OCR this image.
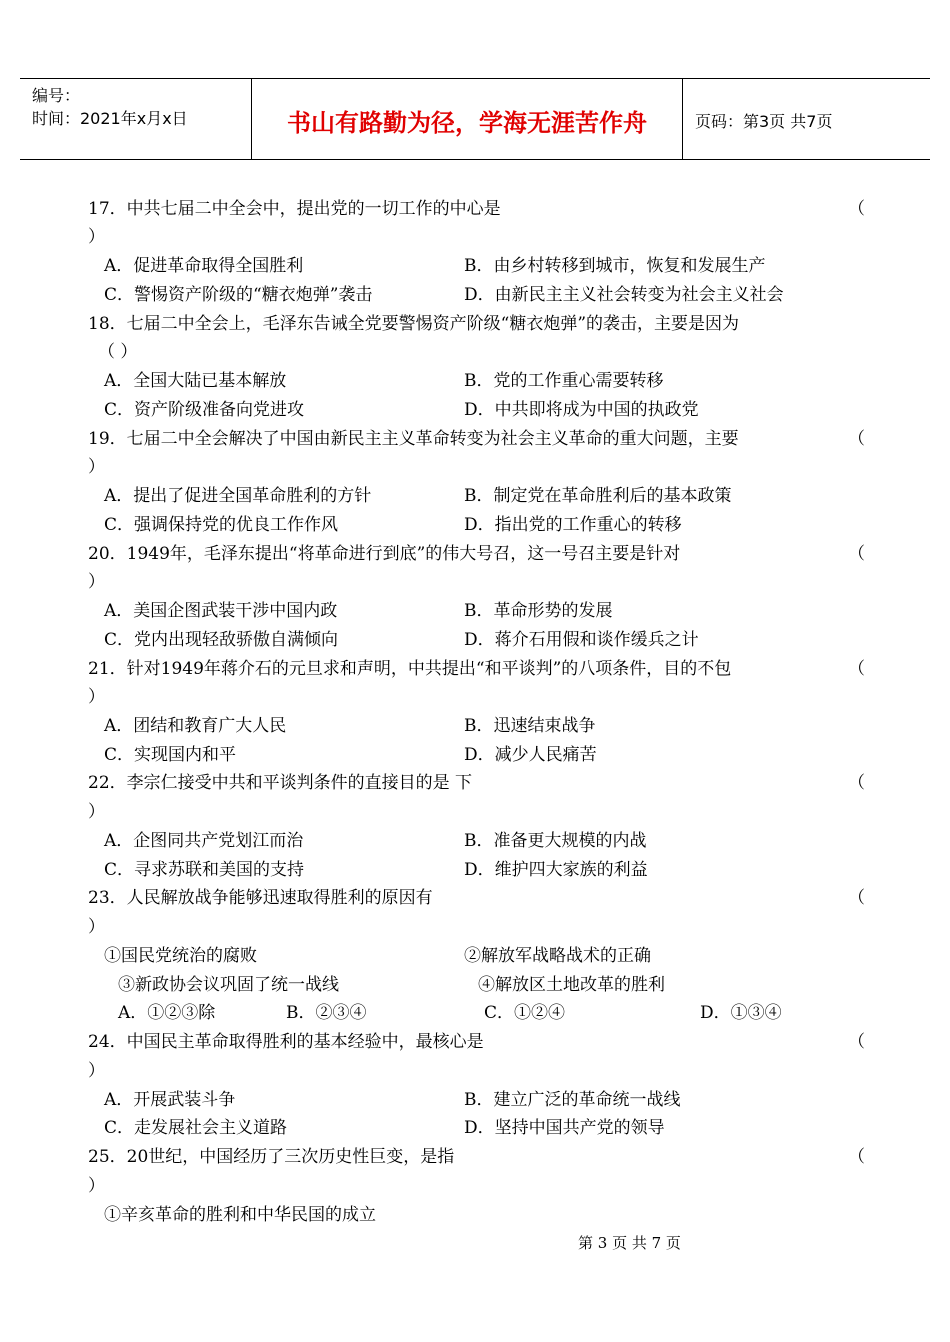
编号：
时间：2021年x月x日	书山有路勤为径，学海无涯苦作舟	页码：第3页 共7页
17．中共七届二中全会中，提出党的一切工作的中心是	（
）
A．促进革命取得全国胜利	B．由乡村转移到城市，恢复和发展生产
C．警惕资产阶级的“糖衣炮弹”袭击	D．由新民主主义社会转变为社会主义社会
18．七届二中全会上，毛泽东告诫全党要警惕资产阶级“糖衣炮弹”的袭击，主要是因为
（ ）
A．全国大陆已基本解放	B．党的工作重心需要转移
C．资产阶级准备向党进攻	D．中共即将成为中国的执政党
19．七届二中全会解决了中国由新民主主义革命转变为社会主义革命的重大问题，主要	（
）
A．提出了促进全国革命胜利的方针	B．制定党在革命胜利后的基本政策
C．强调保持党的优良工作作风	D．指出党的工作重心的转移
20．1949年，毛泽东提出“将革命进行到底”的伟大号召，这一号召主要是针对	（
）
A．美国企图武装干涉中国内政	B．革命形势的发展
C．党内出现轻敌骄傲自满倾向	D．蒋介石用假和谈作缓兵之计
21．针对1949年蒋介石的元旦求和声明，中共提出“和平谈判”的八项条件，目的不包	（
）
A．团结和教育广大人民	B．迅速结束战争
C．实现国内和平	D．减少人民痛苦
22．李宗仁接受中共和平谈判条件的直接目的是 下	（
）
A．企图同共产党划江而治	B．准备更大规模的内战
C．寻求苏联和美国的支持	D．维护四大家族的利益
23．人民解放战争能够迅速取得胜利的原因有	（
）
①国民党统治的腐败	②解放军战略战术的正确
③新政协会议巩固了统一战线	④解放区土地改革的胜利
A．①②③除	B．②③④	C．①②④	D．①③④
24．中国民主革命取得胜利的基本经验中，最核心是	（
）
A．开展武装斗争	B．建立广泛的革命统一战线
C．走发展社会主义道路	D．坚持中国共产党的领导
25．20世纪，中国经历了三次历史性巨变，是指	（
）
①辛亥革命的胜利和中华民国的成立
第 3 页 共 7 页
